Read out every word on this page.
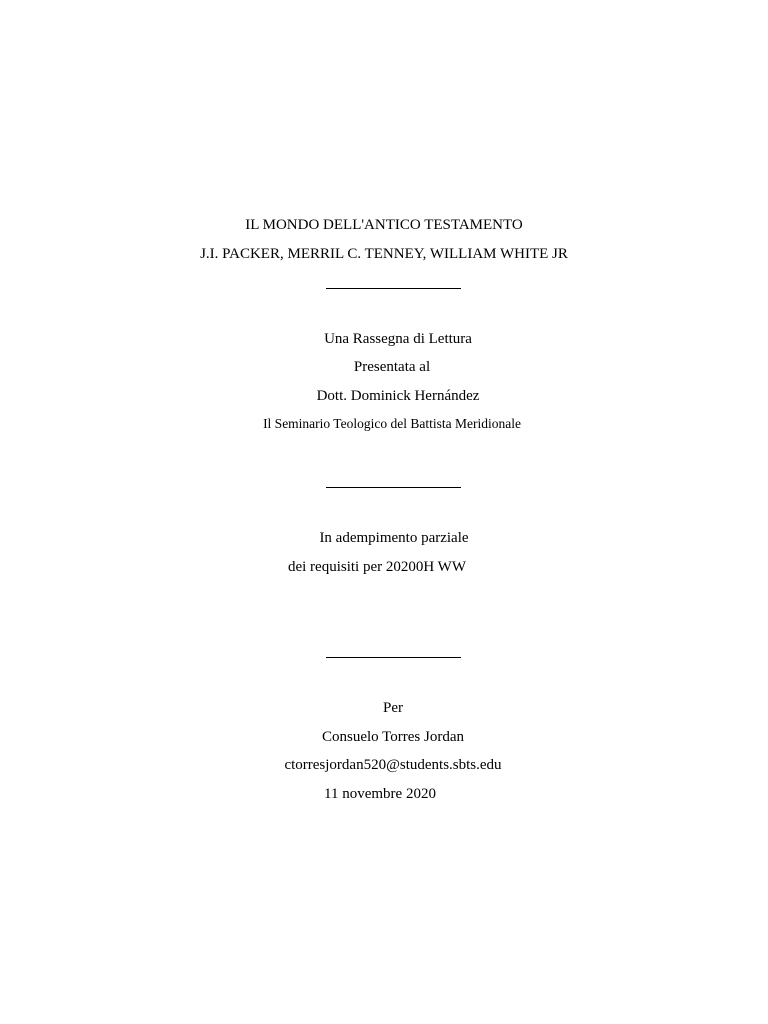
IL MONDO DELL'ANTICO TESTAMENTO
J.I. PACKER, MERRIL C. TENNEY, WILLIAM WHITE JR
Una Rassegna di Lettura
Presentata al
Dott. Dominick Hernández
Il Seminario Teologico del Battista Meridionale
In adempimento parziale
dei requisiti per 20200H WW
Per
Consuelo Torres Jordan
ctorresjordan520@students.sbts.edu
11 novembre 2020
